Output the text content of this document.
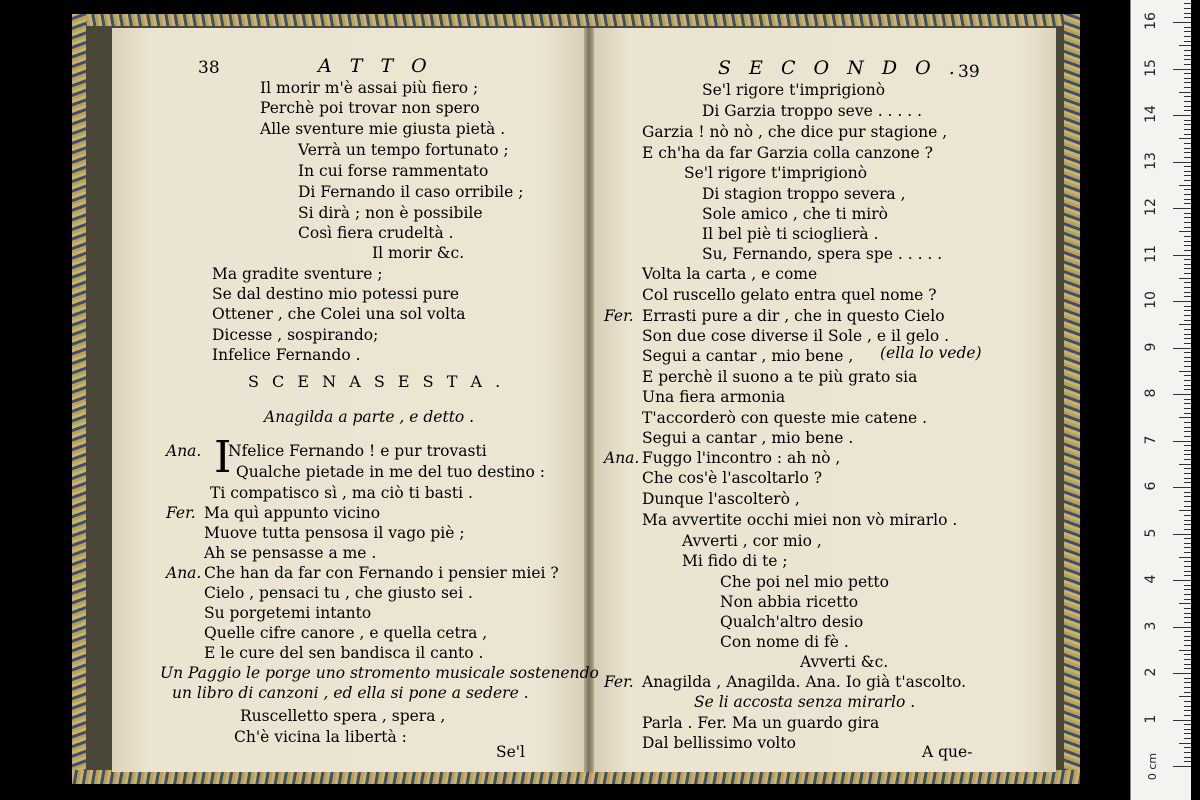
38	A T T O
Il morir m'è assai più fiero ;
Perchè poi trovar non spero
Alle sventure mie giusta pietà .
Verrà un tempo fortunato ;
In cui forse rammentato
Di Fernando il caso orribile ;
Si dirà ; non è possibile
Così fiera crudeltà .
Il morir &c.
Ma gradite sventure ;
Se dal destino mio potessi pure
Ottener , che Colei una sol volta
Dicesse , sospirando;
Infelice Fernando .
S C E N A S E S T A .
Anagilda a parte , e detto .
I
Ana. Nfelice Fernando ! e pur trovasti
Qualche pietade in me del tuo destino :
Ti compatisco sì , ma ciò ti basti .
Fer. Ma quì appunto vicino
Muove tutta pensosa il vago piè ;
Ah se pensasse a me .
Ana. Che han da far con Fernando i pensier miei ?
Cielo , pensaci tu , che giusto sei .
Su porgetemi intanto
Quelle cifre canore , e quella cetra ,
E le cure del sen bandisca il canto .
Un Paggio le porge uno stromento musicale sostenendo
un libro di canzoni , ed ella si pone a sedere .
Ruscelletto spera , spera ,
Ch'è vicina la libertà :
Se'l
S E C O N D O .
39
Se'l rigore t'imprigionò
Di Garzia troppo seve . . . . .
Garzia ! nò nò , che dice pur stagione ,
E ch'ha da far Garzia colla canzone ?
Se'l rigore t'imprigionò
Di stagion troppo severa ,
Sole amico , che ti mirò
Il bel piè ti scioglierà .
Su, Fernando, spera spe . . . . .
Volta la carta , e come
Col ruscello gelato entra quel nome ?
Fer. Errasti pure a dir , che in questo Cielo
Son due cose diverse il Sole , e il gelo .
Segui a cantar , mio bene ,
E perchè il suono a te più grato sia
Una fiera armonia
T'accorderò con queste mie catene .
Segui a cantar , mio bene .
Ana. Fuggo l'incontro : ah nò ,
Che cos'è l'ascoltarlo ?
Dunque l'ascolterò ,
Ma avvertite occhi miei non vò mirarlo .
Avverti , cor mio ,
Mi fido di te ;
Che poi nel mio petto
Non abbia ricetto
Qualch'altro desio
Con nome di fè .
Avverti &c.
Fer. Anagilda , Anagilda. Ana. Io già t'ascolto.
Se li accosta senza mirarlo .
Parla . Fer. Ma un guardo gira
Dal bellissimo volto
(ella lo vede)
A que-
0 cm
1
2
3
4
5
6
7
8
9
10
11
12
13
14
15
16
